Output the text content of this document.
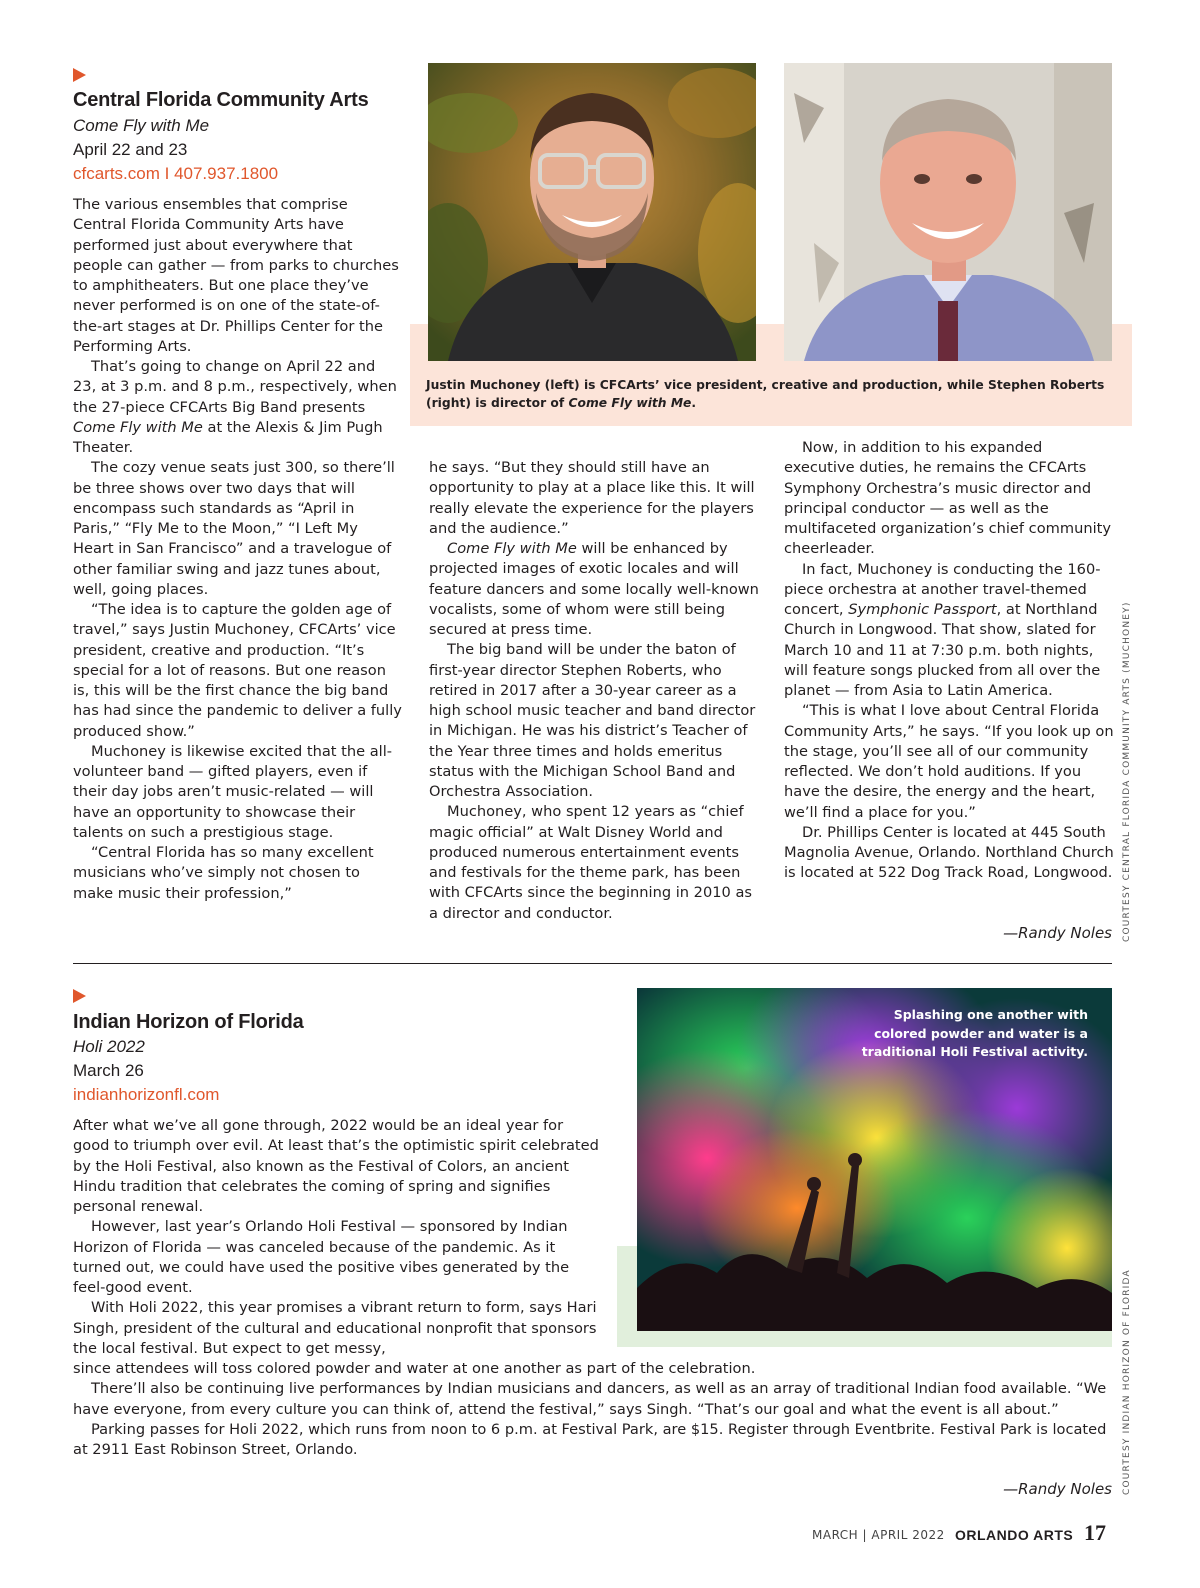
Central Florida Community Arts
Come Fly with Me
April 22 and 23
cfcarts.com I 407.937.1800
Justin Muchoney (left) is CFCArts’ vice president, creative and production, while Stephen Roberts (right) is director of Come Fly with Me.

The various ensembles that comprise Central Florida Community Arts have performed just about everywhere that people can gather — from parks to churches to amphitheaters. But one place they’ve never performed is on one of the state-of-the-art stages at Dr. Phillips Center for the Performing Arts.

That’s going to change on April 22 and 23, at 3 p.m. and 8 p.m., respectively, when the 27-piece CFCArts Big Band presents Come Fly with Me at the Alexis & Jim Pugh Theater.

The cozy venue seats just 300, so there’ll be three shows over two days that will encompass such standards as “April in Paris,” “Fly Me to the Moon,” “I Left My Heart in San Francisco” and a travelogue of other familiar swing and jazz tunes about, well, going places.

“The idea is to capture the golden age of travel,” says Justin Muchoney, CFCArts’ vice president, creative and production. “It’s special for a lot of reasons. But one reason is, this will be the first chance the big band has had since the pandemic to deliver a fully produced show.”

Muchoney is likewise excited that the all-volunteer band — gifted players, even if their day jobs aren’t music-related — will have an opportunity to showcase their talents on such a prestigious stage.

“Central Florida has so many excellent musicians who’ve simply not chosen to make music their profession,”

he says. “But they should still have an opportunity to play at a place like this. It will really elevate the experience for the players and the audience.”

Come Fly with Me will be enhanced by projected images of exotic locales and will feature dancers and some locally well-known vocalists, some of whom were still being secured at press time.

The big band will be under the baton of first-year director Stephen Roberts, who retired in 2017 after a 30-year career as a high school music teacher and band director in Michigan. He was his district’s Teacher of the Year three times and holds emeritus status with the Michigan School Band and Orchestra Association.

Muchoney, who spent 12 years as “chief magic official” at Walt Disney World and produced numerous entertainment events and festivals for the theme park, has been with CFCArts since the beginning in 2010 as a director and conductor.

Now, in addition to his expanded executive duties, he remains the CFCArts Symphony Orchestra’s music director and principal conductor — as well as the multifaceted organization’s chief community cheerleader.

In fact, Muchoney is conducting the 160-piece orchestra at another travel-themed concert, Symphonic Passport, at Northland Church in Longwood. That show, slated for March 10 and 11 at 7:30 p.m. both nights, will feature songs plucked from all over the planet — from Asia to Latin America.

“This is what I love about Central Florida Community Arts,” he says. “If you look up on the stage, you’ll see all of our community reflected. We don’t hold auditions. If you have the desire, the energy and the heart, we’ll find a place for you.”

Dr. Phillips Center is located at 445 South Magnolia Avenue, Orlando. Northland Church is located at 522 Dog Track Road, Longwood.

—Randy Noles COURTESY CENTRAL FLORIDA COMMUNITY ARTS (MUCHONEY)
Indian Horizon of Florida
Holi 2022
March 26
indianhorizonfl.com
Splashing one another with colored powder and water is a traditional Holi Festival activity.

After what we’ve all gone through, 2022 would be an ideal year for good to triumph over evil. At least that’s the optimistic spirit celebrated by the Holi Festival, also known as the Festival of Colors, an ancient Hindu tradition that celebrates the coming of spring and signifies personal renewal.

However, last year’s Orlando Holi Festival — sponsored by Indian Horizon of Florida — was canceled because of the pandemic. As it turned out, we could have used the positive vibes generated by the feel-good event.

With Holi 2022, this year promises a vibrant return to form, says Hari Singh, president of the cultural and educational nonprofit that sponsors the local festival. But expect to get messy,

since attendees will toss colored powder and water at one another as part of the celebration.

There’ll also be continuing live performances by Indian musicians and dancers, as well as an array of traditional Indian food available. “We have everyone, from every culture you can think of, attend the festival,” says Singh. “That’s our goal and what the event is all about.”

Parking passes for Holi 2022, which runs from noon to 6 p.m. at Festival Park, are $15. Register through Eventbrite. Festival Park is located at 2911 East Robinson Street, Orlando.

—Randy Noles COURTESY INDIAN HORIZON OF FLORIDA
MARCH | APRIL 2022 ORLANDO ARTS 17
